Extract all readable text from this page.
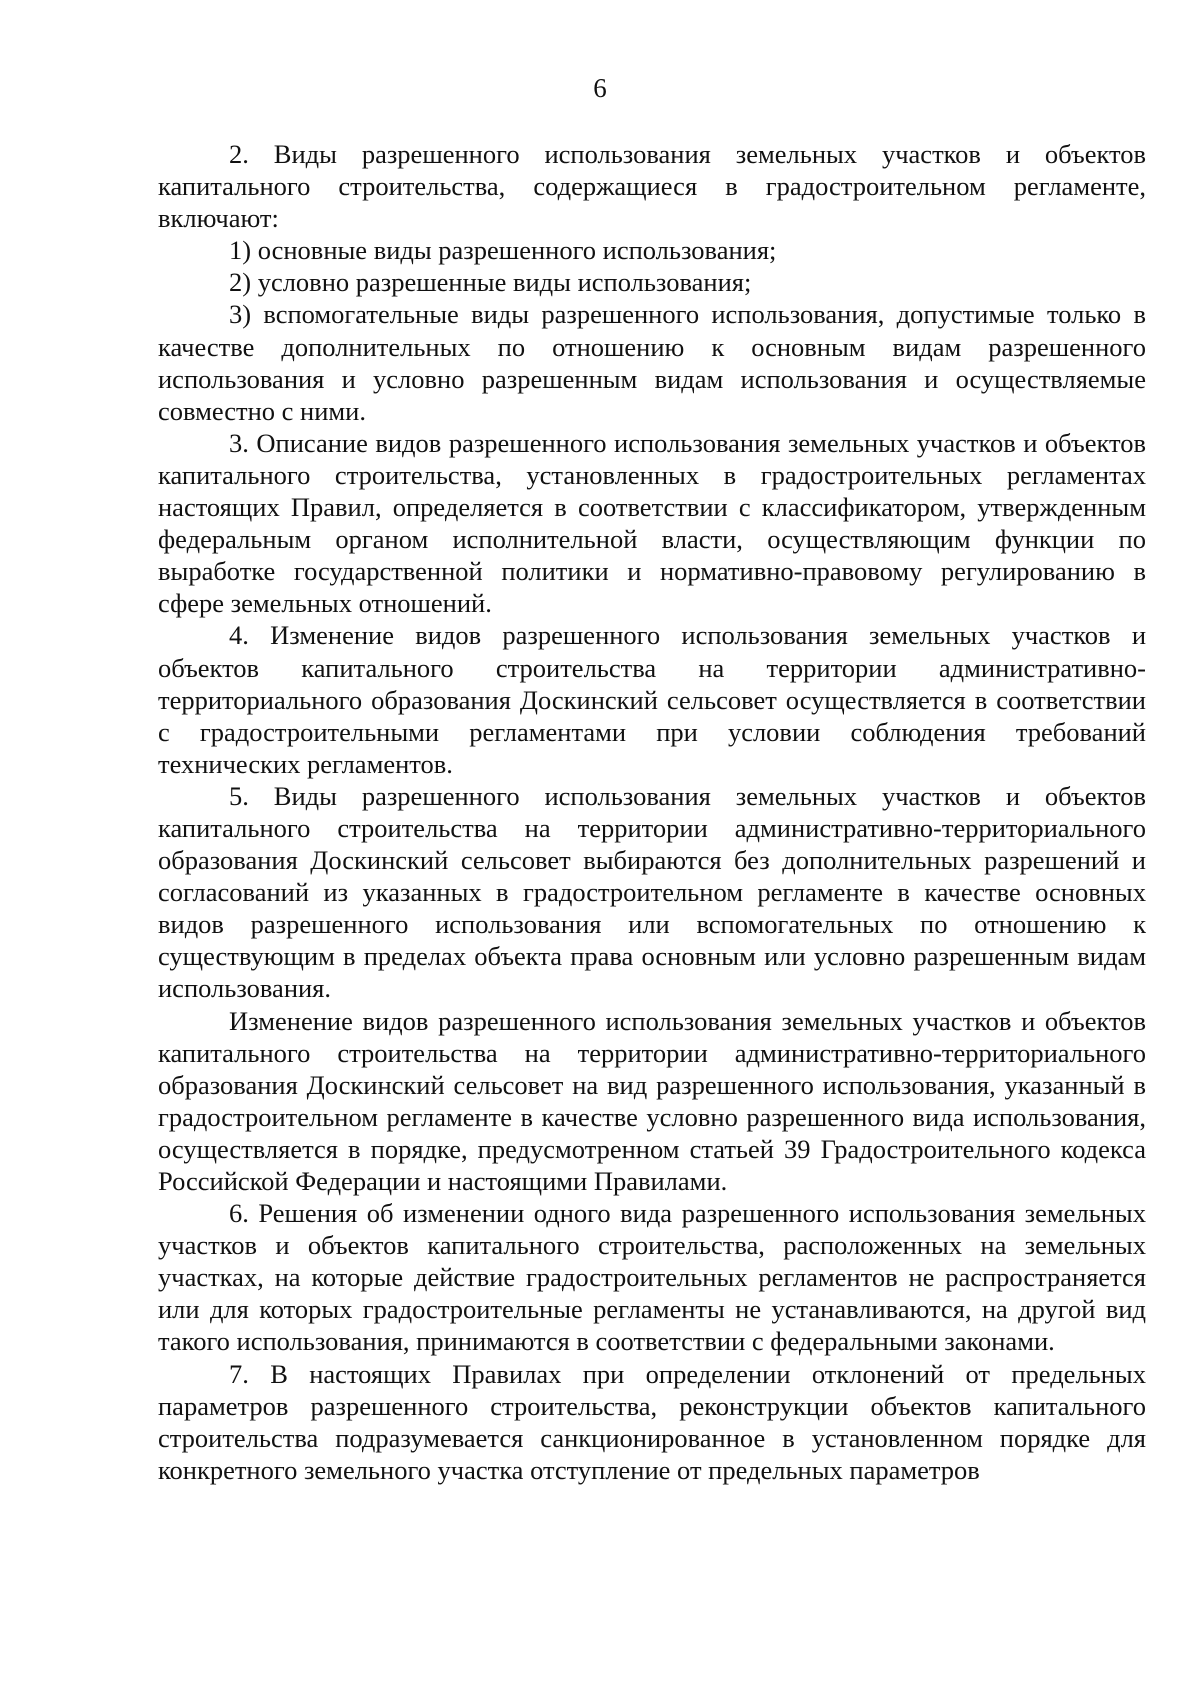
6

2. Виды разрешенного использования земельных участков и объектов капитального строительства, содержащиеся в градостроительном регламенте, включают:

1) основные виды разрешенного использования;

2) условно разрешенные виды использования;

3) вспомогательные виды разрешенного использования, допустимые только в качестве дополнительных по отношению к основным видам разрешенного использования и условно разрешенным видам использования и осуществляемые совместно с ними.

3. Описание видов разрешенного использования земельных участков и объектов капитального строительства, установленных в градостроительных регламентах настоящих Правил, определяется в соответствии с классификатором, утвержденным федеральным органом исполнительной власти, осуществляющим функции по выработке государственной политики и нормативно-правовому регулированию в сфере земельных отношений.

4. Изменение видов разрешенного использования земельных участков и объектов капитального строительства на территории административно-территориального образования Доскинский сельсовет осуществляется в соответствии с градостроительными регламентами при условии соблюдения требований технических регламентов.

5. Виды разрешенного использования земельных участков и объектов капитального строительства на территории административно-территориального образования Доскинский сельсовет выбираются без дополнительных разрешений и согласований из указанных в градостроительном регламенте в качестве основных видов разрешенного использования или вспомогательных по отношению к существующим в пределах объекта права основным или условно разрешенным видам использования.

Изменение видов разрешенного использования земельных участков и объектов капитального строительства на территории административно-территориального образования Доскинский сельсовет на вид разрешенного использования, указанный в градостроительном регламенте в качестве условно разрешенного вида использования, осуществляется в порядке, предусмотренном статьей 39 Градостроительного кодекса Российской Федерации и настоящими Правилами.

6. Решения об изменении одного вида разрешенного использования земельных участков и объектов капитального строительства, расположенных на земельных участках, на которые действие градостроительных регламентов не распространяется или для которых градостроительные регламенты не устанавливаются, на другой вид такого использования, принимаются в соответствии с федеральными законами.

7. В настоящих Правилах при определении отклонений от предельных параметров разрешенного строительства, реконструкции объектов капитального строительства подразумевается санкционированное в установленном порядке для конкретного земельного участка отступление от предельных параметров
